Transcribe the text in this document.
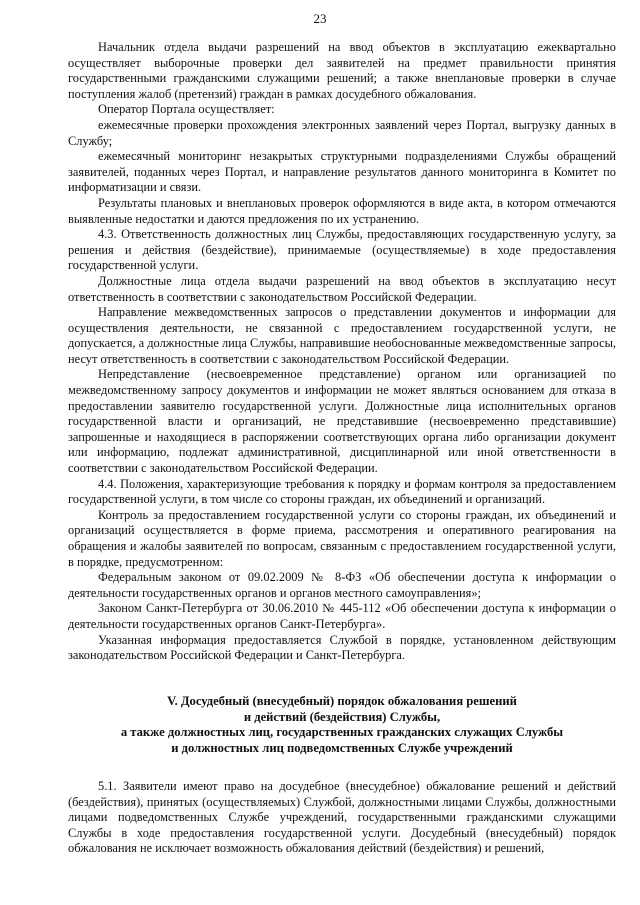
23

Начальник отдела выдачи разрешений на ввод объектов в эксплуатацию ежеквартально осуществляет выборочные проверки дел заявителей на предмет правильности принятия государственными гражданскими служащими решений; а также внеплановые проверки в случае поступления жалоб (претензий) граждан в рамках досудебного обжалования.

Оператор Портала осуществляет:

ежемесячные проверки прохождения электронных заявлений через Портал, выгрузку данных в Службу;

ежемесячный мониторинг незакрытых структурными подразделениями Службы обращений заявителей, поданных через Портал, и направление результатов данного мониторинга в Комитет по информатизации и связи.

Результаты плановых и внеплановых проверок оформляются в виде акта, в котором отмечаются выявленные недостатки и даются предложения по их устранению.

4.3. Ответственность должностных лиц Службы, предоставляющих государственную услугу, за решения и действия (бездействие), принимаемые (осуществляемые) в ходе предоставления государственной услуги.

Должностные лица отдела выдачи разрешений на ввод объектов в эксплуатацию несут ответственность в соответствии с законодательством Российской Федерации.

Направление межведомственных запросов о представлении документов и информации для осуществления деятельности, не связанной с предоставлением государственной услуги, не допускается, а должностные лица Службы, направившие необоснованные межведомственные запросы, несут ответственность в соответствии с законодательством Российской Федерации.

Непредставление (несвоевременное представление) органом или организацией по межведомственному запросу документов и информации не может являться основанием для отказа в предоставлении заявителю государственной услуги. Должностные лица исполнительных органов государственной власти и организаций, не представившие (несвоевременно представившие) запрошенные и находящиеся в распоряжении соответствующих органа либо организации документ или информацию, подлежат административной, дисциплинарной или иной ответственности в соответствии с законодательством Российской Федерации.

4.4. Положения, характеризующие требования к порядку и формам контроля за предоставлением государственной услуги, в том числе со стороны граждан, их объединений и организаций.

Контроль за предоставлением государственной услуги со стороны граждан, их объединений и организаций осуществляется в форме приема, рассмотрения и оперативного реагирования на обращения и жалобы заявителей по вопросам, связанным с предоставлением государственной услуги, в порядке, предусмотренном:

Федеральным законом от 09.02.2009 № 8-ФЗ «Об обеспечении доступа к информации о деятельности государственных органов и органов местного самоуправления»;

Законом Санкт-Петербурга от 30.06.2010 № 445-112 «Об обеспечении доступа к информации о деятельности государственных органов Санкт-Петербурга».

Указанная информация предоставляется Службой в порядке, установленном действующим законодательством Российской Федерации и Санкт-Петербурга.

V. Досудебный (внесудебный) порядок обжалования решений
и действий (бездействия) Службы,
а также должностных лиц, государственных гражданских служащих Службы
и должностных лиц подведомственных Службе учреждений

5.1. Заявители имеют право на досудебное (внесудебное) обжалование решений и действий (бездействия), принятых (осуществляемых) Службой, должностными лицами Службы, должностными лицами подведомственных Службе учреждений, государственными гражданскими служащими Службы в ходе предоставления государственной услуги. Досудебный (внесудебный) порядок обжалования не исключает возможность обжалования действий (бездействия) и решений,
